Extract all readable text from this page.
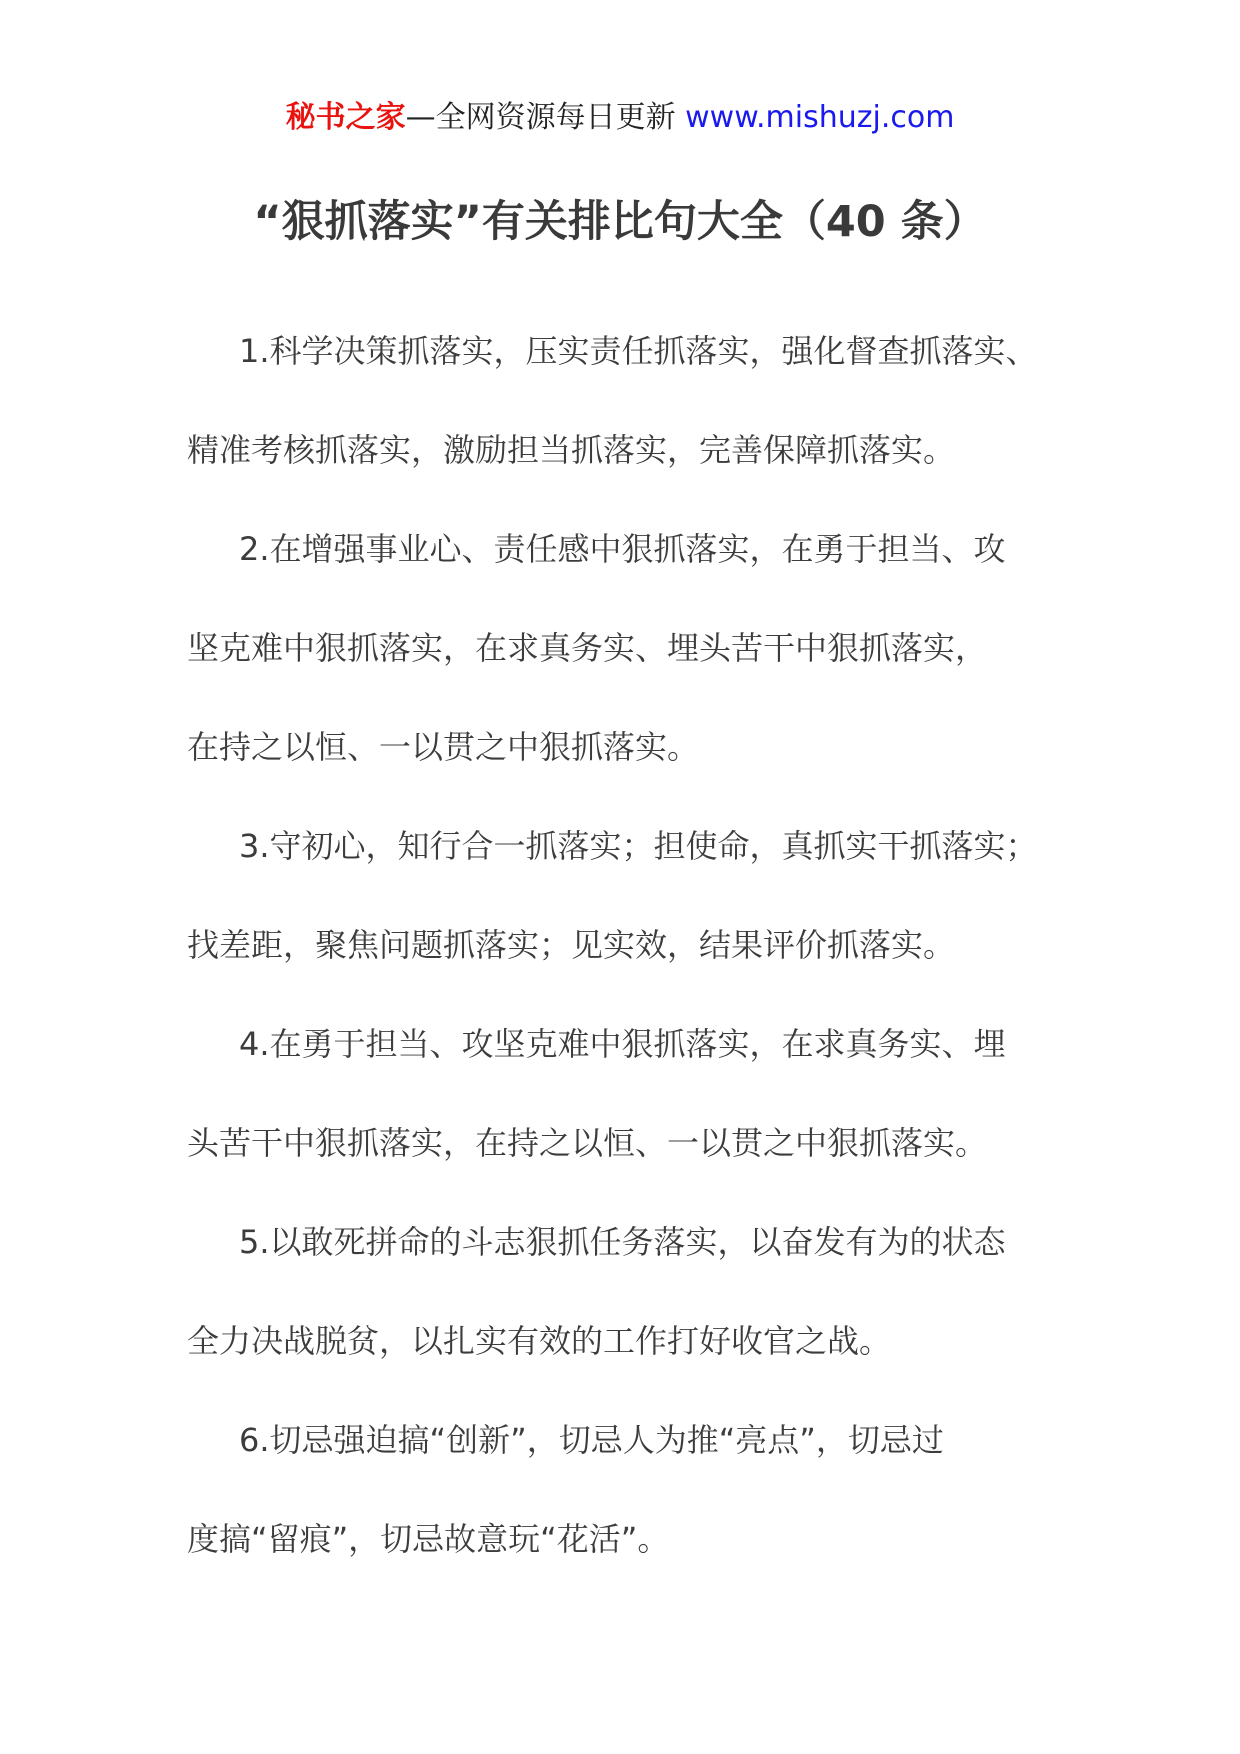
秘书之家—全网资源每日更新 www.mishuzj.com
“狠抓落实”有关排比句大全（40 条）
1.科学决策抓落实，压实责任抓落实，强化督查抓落实、
精准考核抓落实，激励担当抓落实，完善保障抓落实。
2.在增强事业心、责任感中狠抓落实，在勇于担当、攻
坚克难中狠抓落实，在求真务实、埋头苦干中狠抓落实，
在持之以恒、一以贯之中狠抓落实。
3.守初心，知行合一抓落实；担使命，真抓实干抓落实；
找差距，聚焦问题抓落实；见实效，结果评价抓落实。
4.在勇于担当、攻坚克难中狠抓落实，在求真务实、埋
头苦干中狠抓落实，在持之以恒、一以贯之中狠抓落实。
5.以敢死拼命的斗志狠抓任务落实，以奋发有为的状态
全力决战脱贫，以扎实有效的工作打好收官之战。
6.切忌强迫搞“创新”，切忌人为推“亮点”，切忌过
度搞“留痕”，切忌故意玩“花活”。
